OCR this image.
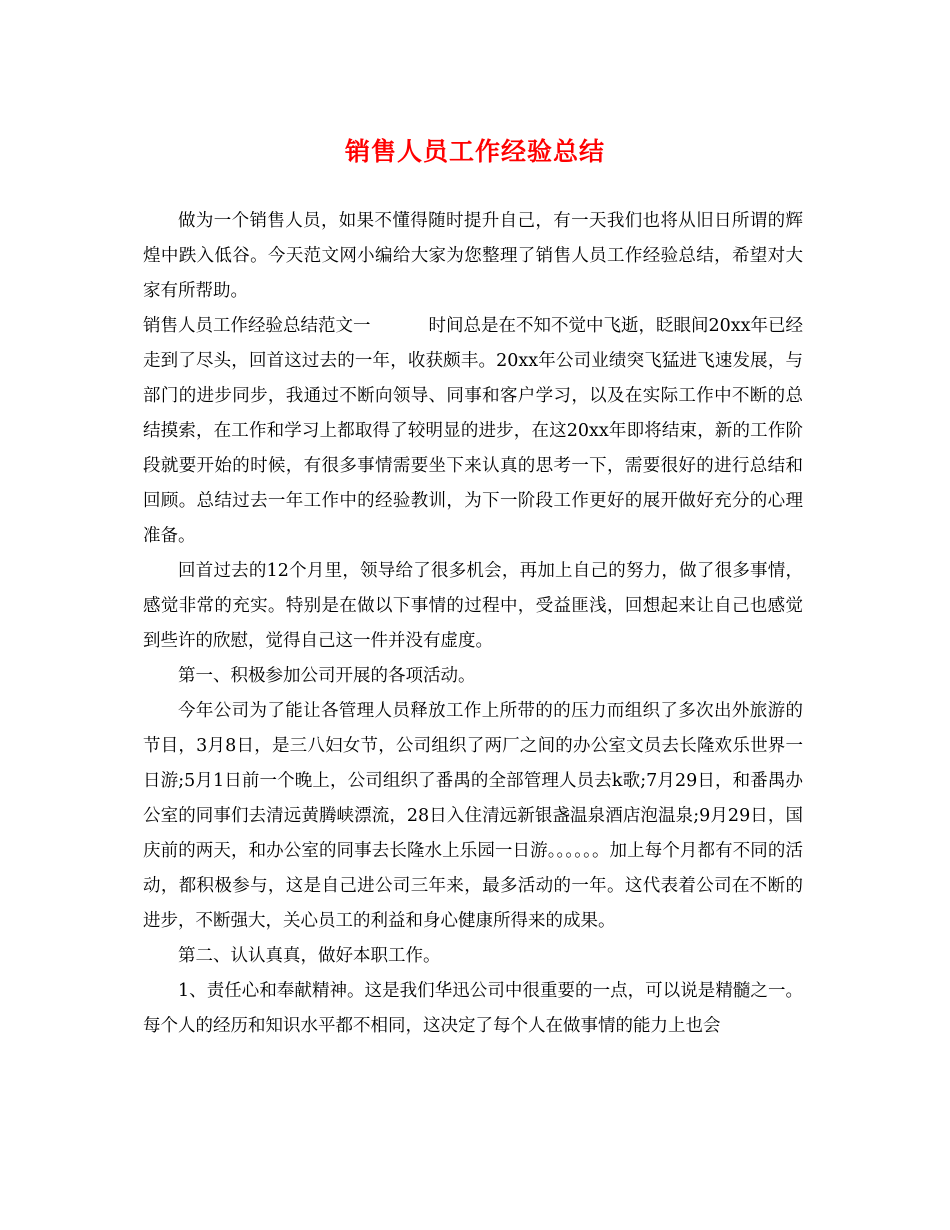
销售人员工作经验总结

做为一个销售人员，如果不懂得随时提升自己，有一天我们也将从旧日所谓的辉煌中跌入低谷。今天范文网小编给大家为您整理了销售人员工作经验总结，希望对大家有所帮助。

销售人员工作经验总结范文一	时间总是在不知不觉中飞逝，眨眼间20xx年已经走到了尽头，回首这过去的一年，收获颇丰。20xx年公司业绩突飞猛进飞速发展，与部门的进步同步，我通过不断向领导、同事和客户学习，以及在实际工作中不断的总结摸索，在工作和学习上都取得了较明显的进步，在这20xx年即将结束，新的工作阶段就要开始的时候，有很多事情需要坐下来认真的思考一下，需要很好的进行总结和回顾。总结过去一年工作中的经验教训，为下一阶段工作更好的展开做好充分的心理准备。

回首过去的12个月里，领导给了很多机会，再加上自己的努力，做了很多事情，感觉非常的充实。特别是在做以下事情的过程中，受益匪浅，回想起来让自己也感觉到些许的欣慰，觉得自己这一件并没有虚度。

第一、积极参加公司开展的各项活动。

今年公司为了能让各管理人员释放工作上所带的的压力而组织了多次出外旅游的节目，3月8日，是三八妇女节，公司组织了两厂之间的办公室文员去长隆欢乐世界一日游;5月1日前一个晚上，公司组织了番禺的全部管理人员去k歌;7月29日，和番禺办公室的同事们去清远黄腾峡漂流，28日入住清远新银盏温泉酒店泡温泉;9月29日，国庆前的两天，和办公室的同事去长隆水上乐园一日游。。。。。。加上每个月都有不同的活动，都积极参与，这是自己进公司三年来，最多活动的一年。这代表着公司在不断的进步，不断强大，关心员工的利益和身心健康所得来的成果。

第二、认认真真，做好本职工作。

1、责任心和奉献精神。这是我们华迅公司中很重要的一点，可以说是精髓之一。每个人的经历和知识水平都不相同，这决定了每个人在做事情的能力上也会
